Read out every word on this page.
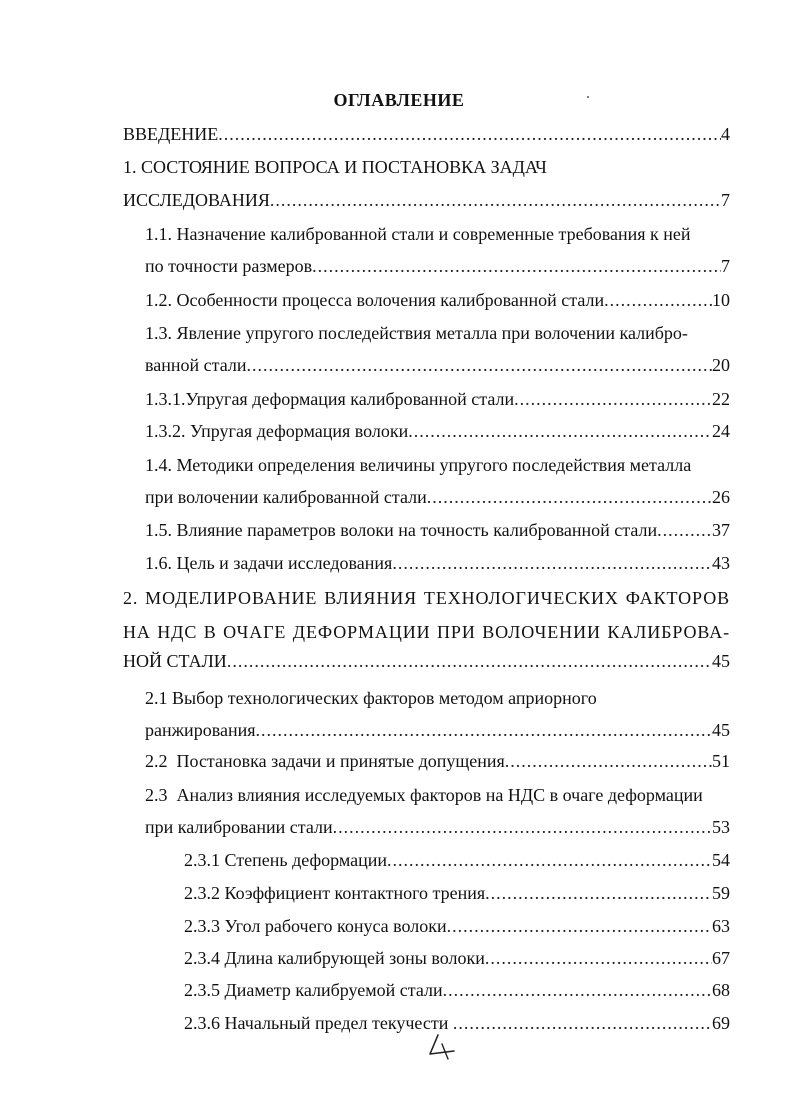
ОГЛАВЛЕНИЕ
ВВЕДЕНИЕ .....	4
1. СОСТОЯНИЕ ВОПРОСА И ПОСТАНОВКА ЗАДАЧ
ИССЛЕДОВАНИЯ .....	7
1.1. Назначение калиброванной стали и современные требования к ней
по точности размеров .....	7
1.2. Особенности процесса волочения калиброванной стали .....	10
1.3. Явление упругого последействия металла при волочении калибро-
ванной стали .....	20
1.3.1.Упругая деформация калиброванной стали .....	22
1.3.2. Упругая деформация волоки .....	24
1.4. Методики определения величины упругого последействия металла
при волочении калиброванной стали .....	26
1.5. Влияние параметров волоки на точность калиброванной стали .....	37
1.6. Цель и задачи исследования .....	43
2. МОДЕЛИРОВАНИЕ ВЛИЯНИЯ ТЕХНОЛОГИЧЕСКИХ ФАКТОРОВ
НА НДС В ОЧАГЕ ДЕФОРМАЦИИ ПРИ ВОЛОЧЕНИИ КАЛИБРОВА-
НОЙ СТАЛИ .....	45
2.1 Выбор технологических факторов методом априорного
ранжирования .....	45
2.2  Постановка задачи и принятые допущения .....	51
2.3  Анализ влияния исследуемых факторов на НДС в очаге деформации
при калибровании стали .....	53
2.3.1 Степень деформации .....	54
2.3.2 Коэффициент контактного трения .....	59
2.3.3 Угол рабочего конуса волоки .....	63
2.3.4 Длина калибрующей зоны волоки .....	67
2.3.5 Диаметр калибруемой стали .....	68
2.3.6 Начальный предел текучести .....	69
